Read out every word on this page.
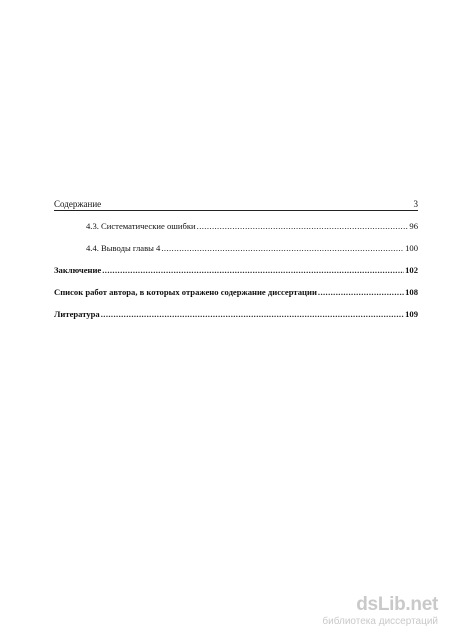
Содержание	3
4.3. Систематические ошибки .....	96
4.4. Выводы главы 4 .....	100
Заключение .....	102
Список работ автора, в которых отражено содержание диссертации .....	108
Литература .....	109
dsLib.net
библиотека диссертаций
